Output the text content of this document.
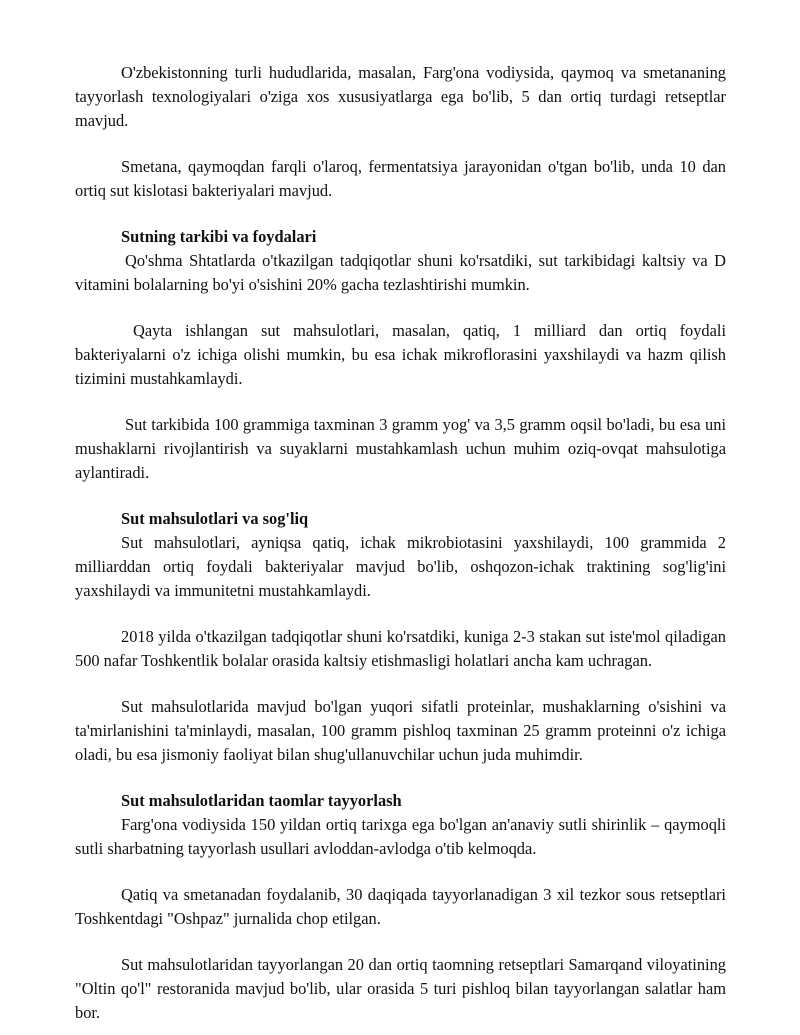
O'zbekistonning turli hududlarida, masalan, Farg'ona vodiysida, qaymoq va smetananing tayyorlash texnologiyalari o'ziga xos xususiyatlarga ega bo'lib, 5 dan ortiq turdagi retseptlar mavjud.

Smetana, qaymoqdan farqli o'laroq, fermentatsiya jarayonidan o'tgan bo'lib, unda 10 dan ortiq sut kislotasi bakteriyalari mavjud.

Sutning tarkibi va foydalari

Qo'shma Shtatlarda o'tkazilgan tadqiqotlar shuni ko'rsatdiki, sut tarkibidagi kaltsiy va D vitamini bolalarning bo'yi o'sishini 20% gacha tezlashtirishi mumkin.

Qayta ishlangan sut mahsulotlari, masalan, qatiq, 1 milliard dan ortiq foydali bakteriyalarni o'z ichiga olishi mumkin, bu esa ichak mikroflorasini yaxshilaydi va hazm qilish tizimini mustahkamlaydi.

Sut tarkibida 100 grammiga taxminan 3 gramm yog' va 3,5 gramm oqsil bo'ladi, bu esa uni mushaklarni rivojlantirish va suyaklarni mustahkamlash uchun muhim oziq-ovqat mahsulotiga aylantiradi.

Sut mahsulotlari va sog'liq

Sut mahsulotlari, ayniqsa qatiq, ichak mikrobiotasini yaxshilaydi, 100 grammida 2 milliarddan ortiq foydali bakteriyalar mavjud bo'lib, oshqozon-ichak traktining sog'lig'ini yaxshilaydi va immunitetni mustahkamlaydi.

2018 yilda o'tkazilgan tadqiqotlar shuni ko'rsatdiki, kuniga 2-3 stakan sut iste'mol qiladigan 500 nafar Toshkentlik bolalar orasida kaltsiy etishmasligi holatlari ancha kam uchragan.

Sut mahsulotlarida mavjud bo'lgan yuqori sifatli proteinlar, mushaklarning o'sishini va ta'mirlanishini ta'minlaydi, masalan, 100 gramm pishloq taxminan 25 gramm proteinni o'z ichiga oladi, bu esa jismoniy faoliyat bilan shug'ullanuvchilar uchun juda muhimdir.

Sut mahsulotlaridan taomlar tayyorlash

Farg'ona vodiysida 150 yildan ortiq tarixga ega bo'lgan an'anaviy sutli shirinlik – qaymoqli sutli sharbatning tayyorlash usullari avloddan-avlodga o'tib kelmoqda.

Qatiq va smetanadan foydalanib, 30 daqiqada tayyorlanadigan 3 xil tezkor sous retseptlari Toshkentdagi "Oshpaz" jurnalida chop etilgan.

Sut mahsulotlaridan tayyorlangan 20 dan ortiq taomning retseptlari Samarqand viloyatining "Oltin qo'l" restoranida mavjud bo'lib, ular orasida 5 turi pishloq bilan tayyorlangan salatlar ham bor.
